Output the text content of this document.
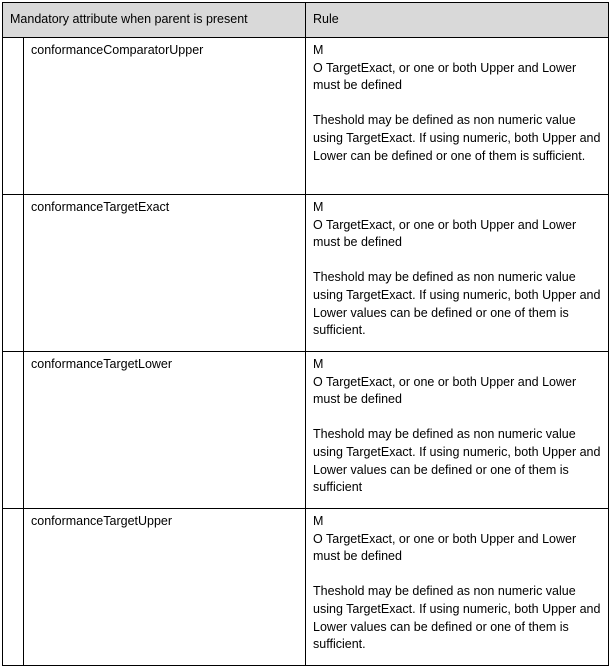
Mandatory attribute when parent is present		Rule

	conformanceComparatorUpper	M
O TargetExact, or one or both Upper and Lower must be defined
Theshold may be defined as non numeric value using TargetExact. If using numeric, both Upper and Lower can be defined or one of them is sufficient.

	conformanceTargetExact	M
O TargetExact, or one or both Upper and Lower must be defined
Theshold may be defined as non numeric value using TargetExact. If using numeric, both Upper and Lower values can be defined or one of them is sufficient.

	conformanceTargetLower	M
O TargetExact, or one or both Upper and Lower must be defined
Theshold may be defined as non numeric value using TargetExact. If using numeric, both Upper and Lower values can be defined or one of them is sufficient

	conformanceTargetUpper	M
O TargetExact, or one or both Upper and Lower must be defined
Theshold may be defined as non numeric value using TargetExact. If using numeric, both Upper and Lower values can be defined or one of them is sufficient.
